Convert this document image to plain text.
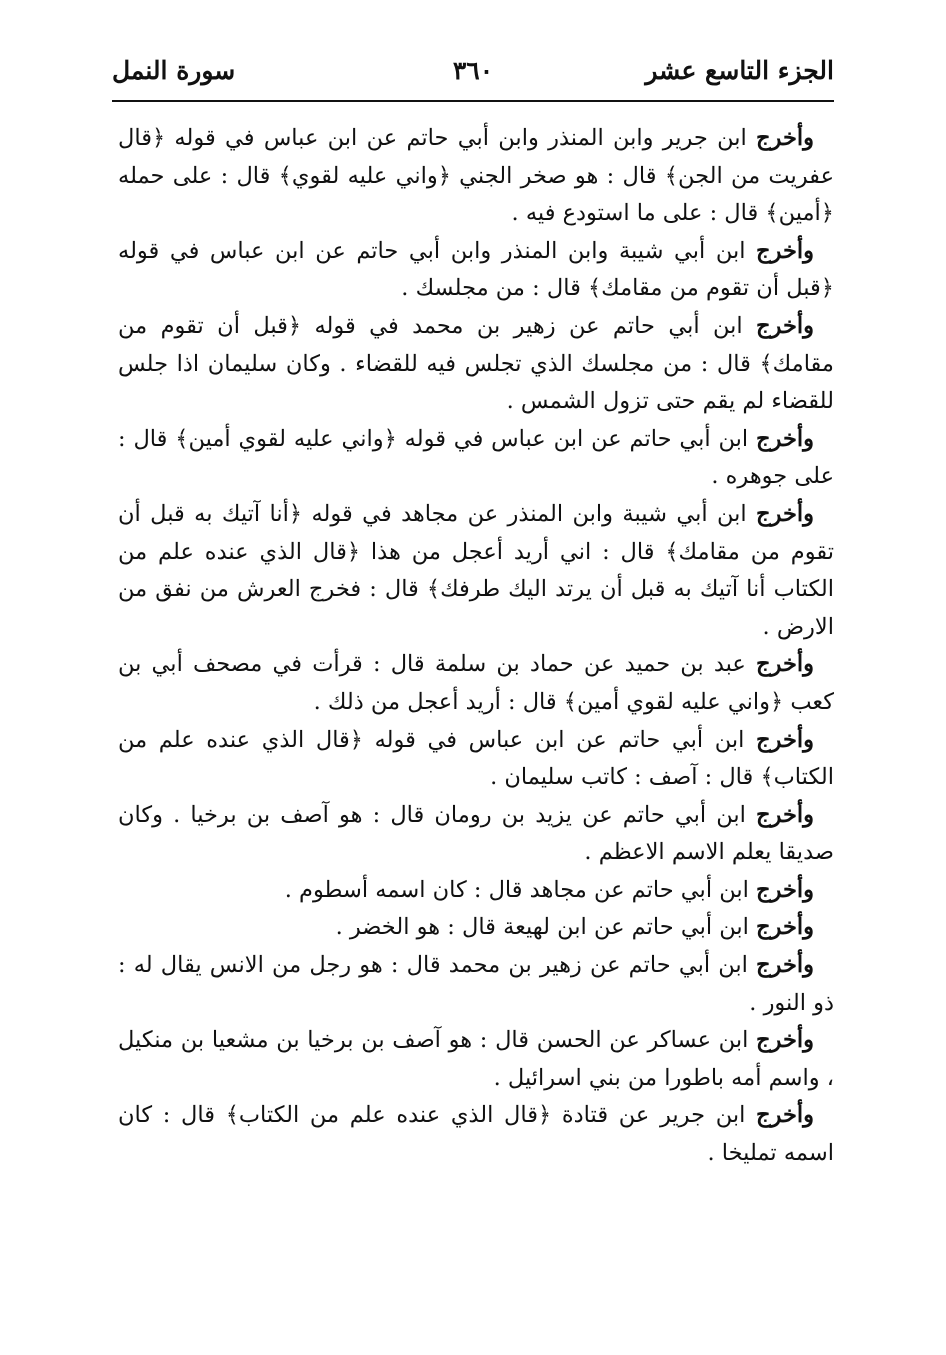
الجزء التاسع عشر
٣٦٠
سورة النمل

وأخرج ابن جرير وابن المنذر وابن أبي حاتم عن ابن عباس في قوله ﴿قال عفريت من الجن﴾ قال : هو صخر الجني ﴿واني عليه لقوي﴾ قال : على حمله ﴿أمين﴾ قال : على ما استودع فيه .

وأخرج ابن أبي شيبة وابن المنذر وابن أبي حاتم عن ابن عباس في قوله ﴿قبل أن تقوم من مقامك﴾ قال : من مجلسك .

وأخرج ابن أبي حاتم عن زهير بن محمد في قوله ﴿قبل أن تقوم من مقامك﴾ قال : من مجلسك الذي تجلس فيه للقضاء . وكان سليمان اذا جلس للقضاء لم يقم حتى تزول الشمس .

وأخرج ابن أبي حاتم عن ابن عباس في قوله ﴿واني عليه لقوي أمين﴾ قال : على جوهره .

وأخرج ابن أبي شيبة وابن المنذر عن مجاهد في قوله ﴿أنا آتيك به قبل أن تقوم من مقامك﴾ قال : اني أريد أعجل من هذا ﴿قال الذي عنده علم من الكتاب أنا آتيك به قبل أن يرتد اليك طرفك﴾ قال : فخرج العرش من نفق من الارض .

وأخرج عبد بن حميد عن حماد بن سلمة قال : قرأت في مصحف أبي بن كعب ﴿واني عليه لقوي أمين﴾ قال : أريد أعجل من ذلك .

وأخرج ابن أبي حاتم عن ابن عباس في قوله ﴿قال الذي عنده علم من الكتاب﴾ قال : آصف : كاتب سليمان .

وأخرج ابن أبي حاتم عن يزيد بن رومان قال : هو آصف بن برخيا . وكان صديقا يعلم الاسم الاعظم .

وأخرج ابن أبي حاتم عن مجاهد قال : كان اسمه أسطوم .

وأخرج ابن أبي حاتم عن ابن لهيعة قال : هو الخضر .

وأخرج ابن أبي حاتم عن زهير بن محمد قال : هو رجل من الانس يقال له : ذو النور .

وأخرج ابن عساكر عن الحسن قال : هو آصف بن برخيا بن مشعيا بن منكيل ، واسم أمه باطورا من بني اسرائيل .

وأخرج ابن جرير عن قتادة ﴿قال الذي عنده علم من الكتاب﴾ قال : كان اسمه تمليخا .
